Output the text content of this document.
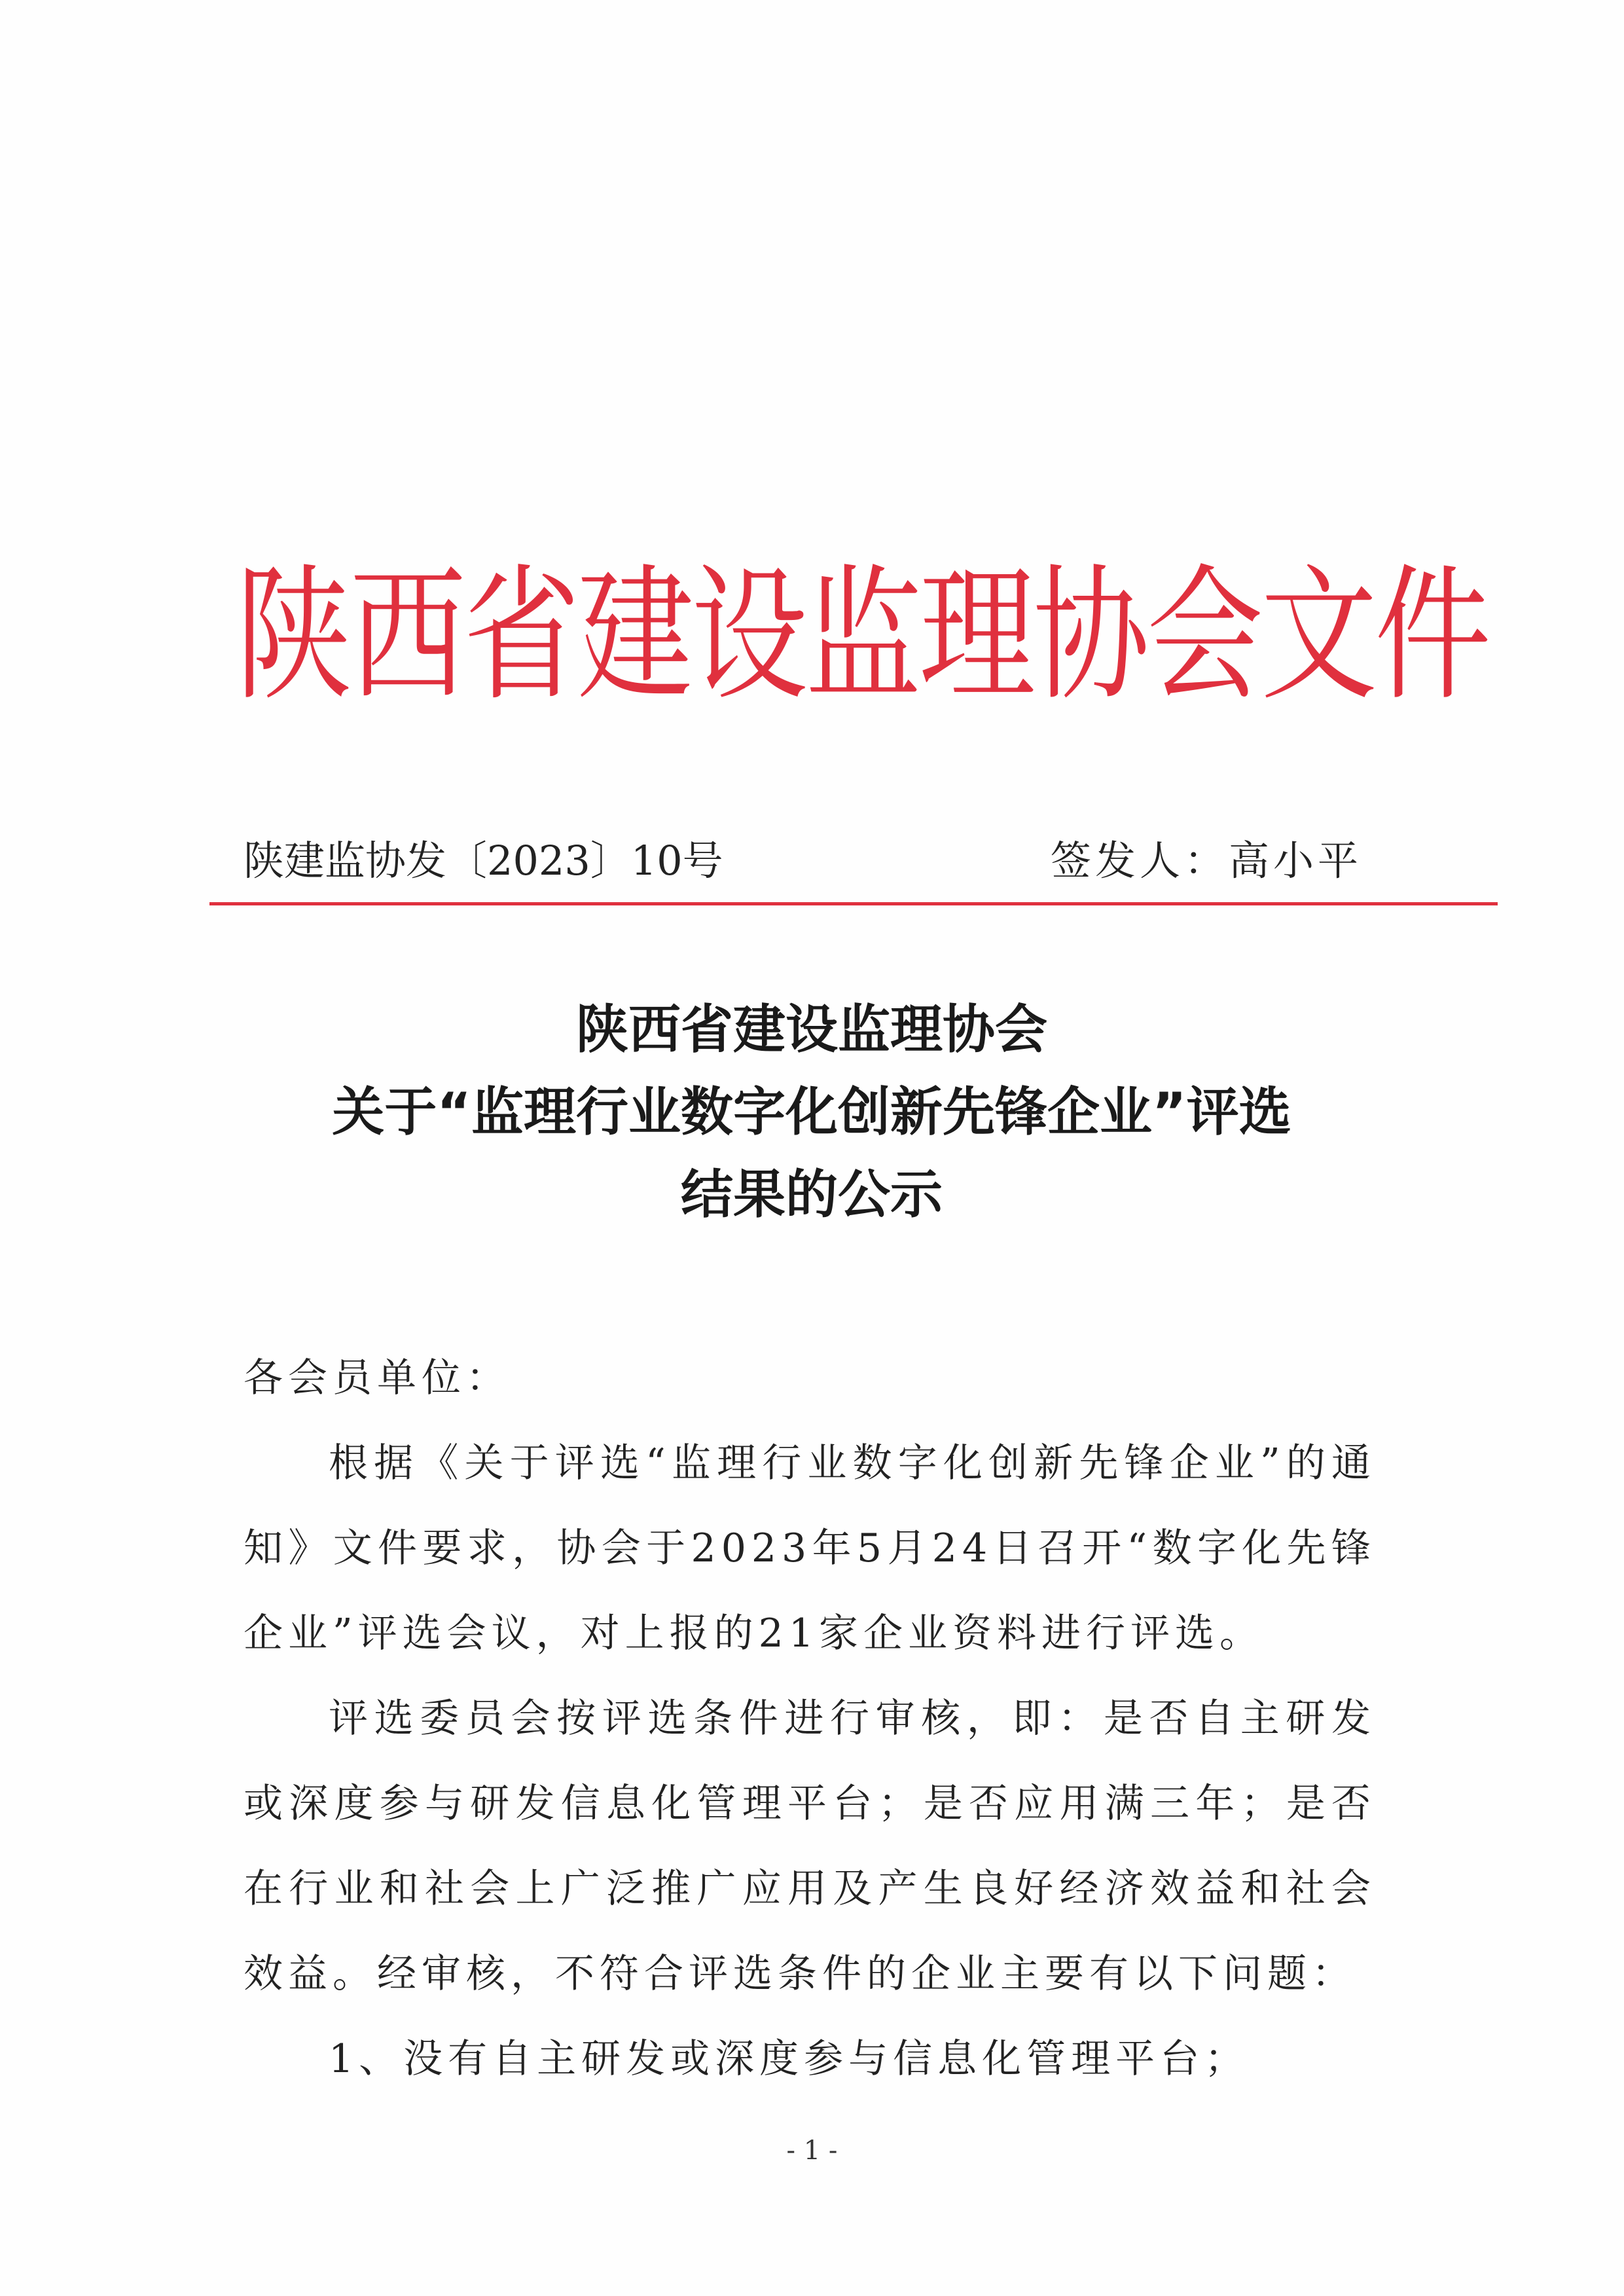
陕西省建设监理协会文件
陕建监协发〔2023〕10号	签发人：高小平
陕西省建设监理协会
关于“监理行业数字化创新先锋企业”评选
结果的公示

各会员单位：

根据《关于评选“监理行业数字化创新先锋企业”的通知》文件要求，协会于2023年5月24日召开“数字化先锋企业”评选会议，对上报的21家企业资料进行评选。

评选委员会按评选条件进行审核，即：是否自主研发或深度参与研发信息化管理平台；是否应用满三年；是否在行业和社会上广泛推广应用及产生良好经济效益和社会效益。经审核，不符合评选条件的企业主要有以下问题：

1、没有自主研发或深度参与信息化管理平台；

- 1 -
